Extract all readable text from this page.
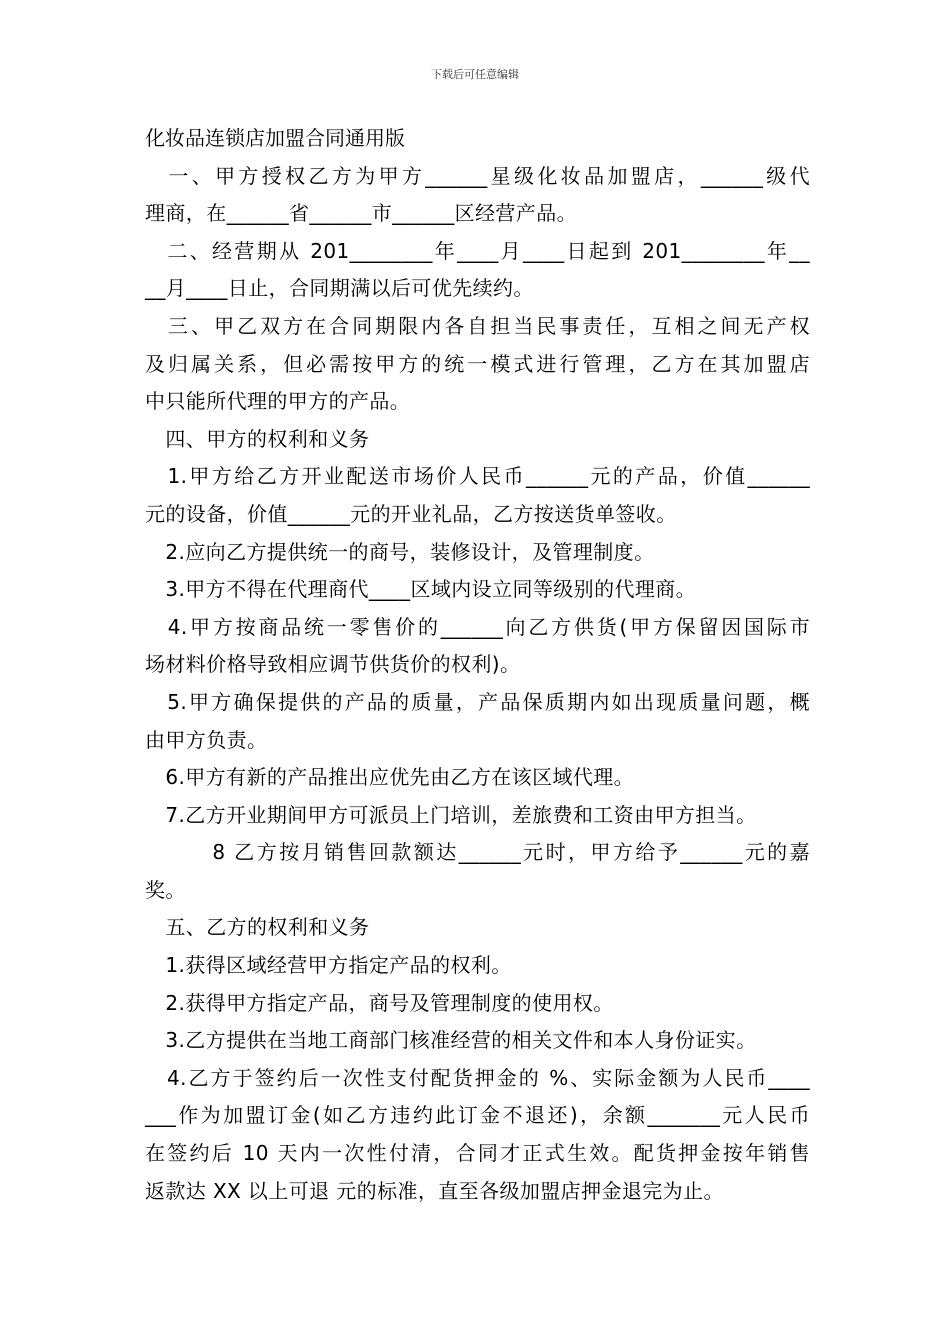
下载后可任意编辑
化妆品连锁店加盟合同通用版
　一、甲方授权乙方为甲方______星级化妆品加盟店，______级代
理商，在______省______市______区经营产品。
　二、经营期从 201________年____月____日起到 201________年__
__月____日止，合同期满以后可优先续约。
　三、甲乙双方在合同期限内各自担当民事责任，互相之间无产权
及归属关系，但必需按甲方的统一模式进行管理，乙方在其加盟店
中只能所代理的甲方的产品。
　四、甲方的权利和义务
　1.甲方给乙方开业配送市场价人民币______元的产品，价值______
元的设备，价值______元的开业礼品，乙方按送货单签收。
　2.应向乙方提供统一的商号，装修设计，及管理制度。
　3.甲方不得在代理商代____区域内设立同等级别的代理商。
　4.甲方按商品统一零售价的______向乙方供货(甲方保留因国际市
场材料价格导致相应调节供货价的权利)。
　5.甲方确保提供的产品的质量，产品保质期内如出现质量问题，概
由甲方负责。
　6.甲方有新的产品推出应优先由乙方在该区域代理。
　7.乙方开业期间甲方可派员上门培训，差旅费和工资由甲方担当。
　　　8 乙方按月销售回款额达______元时，甲方给予______元的嘉
奖。
　五、乙方的权利和义务
　1.获得区域经营甲方指定产品的权利。
　2.获得甲方指定产品，商号及管理制度的使用权。
　3.乙方提供在当地工商部门核准经营的相关文件和本人身份证实。
　4.乙方于签约后一次性支付配货押金的 %、实际金额为人民币____
___作为加盟订金(如乙方违约此订金不退还)，余额_______元人民币
在签约后 10 天内一次性付清，合同才正式生效。配货押金按年销售
返款达 XX 以上可退 元的标准，直至各级加盟店押金退完为止。
